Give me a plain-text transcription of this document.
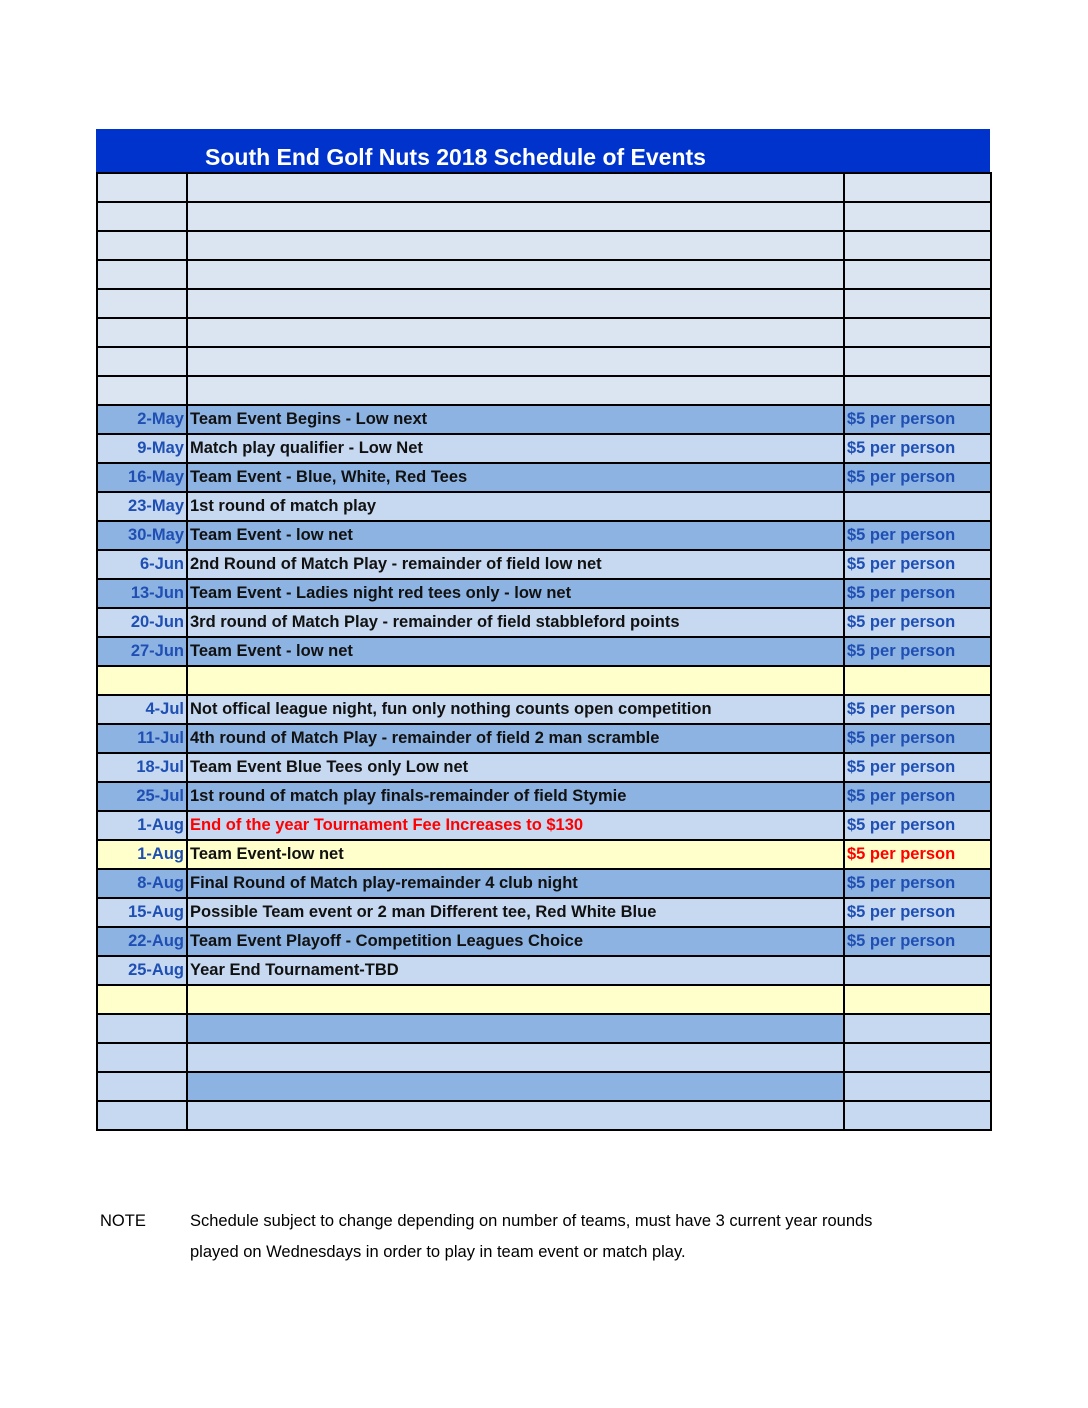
South End Golf Nuts 2018 Schedule of Events

2-May	Team Event Begins - Low next	$5 per person
9-May	Match play qualifier - Low Net	$5 per person
16-May	Team Event - Blue, White, Red Tees	$5 per person
23-May	1st round of match play	
30-May	Team Event - low net	$5 per person
6-Jun	2nd Round of Match Play - remainder of field low net	$5 per person
13-Jun	Team Event - Ladies night red tees only - low net	$5 per person
20-Jun	3rd round of Match Play - remainder of field stabbleford points	$5 per person
27-Jun	Team Event - low net	$5 per person

4-Jul	Not offical league night, fun only nothing counts open competition	$5 per person
11-Jul	4th round of Match Play - remainder of field 2 man scramble	$5 per person
18-Jul	Team Event Blue Tees only Low net	$5 per person
25-Jul	1st round of match play finals-remainder of field Stymie	$5 per person
1-Aug	End of the year Tournament Fee Increases to $130	$5 per person
1-Aug	Team Event-low net	$5 per person
8-Aug	Final Round of Match play-remainder 4 club night	$5 per person
15-Aug	Possible Team event or 2 man Different tee, Red White Blue	$5 per person
22-Aug	Team Event Playoff - Competition Leagues Choice	$5 per person
25-Aug	Year End Tournament-TBD	

NOTE	Schedule subject to change depending on number of teams, must have 3 current year rounds
played on Wednesdays in order to play in team event or match play.
